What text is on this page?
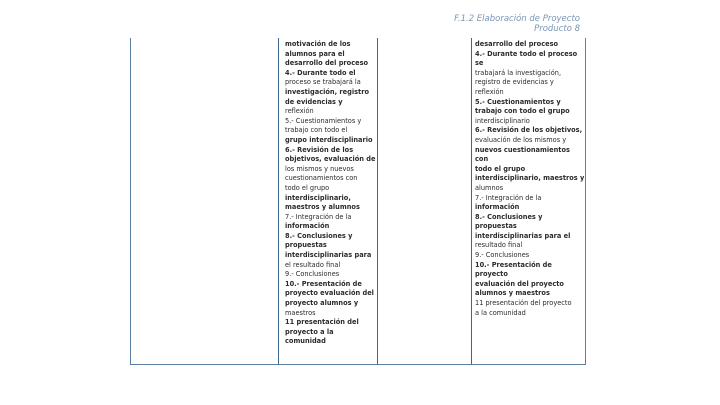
F.1.2 Elaboración de Proyecto
Producto 8

motivación de los

alumnos para el

desarrollo del proceso

4.- Durante todo el

proceso se trabajará la

investigación, registro

de evidencias y

reflexión

5.- Cuestionamientos y

trabajo con todo el

grupo interdisciplinario

6.- Revisión de los

objetivos, evaluación de

los mismos y nuevos

cuestionamientos con

todo el grupo

interdisciplinario,

maestros y alumnos

7.- Integración de la

información

8.- Conclusiones y

propuestas

interdisciplinarias para

el resultado final

9.- Conclusiones

10.- Presentación de

proyecto evaluación del

proyecto alumnos y

maestros

11 presentación del

proyecto a la

comunidad

desarrollo del proceso

4.- Durante todo el proceso se

trabajará la investigación,

registro de evidencias y

reflexión

5.- Cuestionamientos y

trabajo con todo el grupo

interdisciplinario

6.- Revisión de los objetivos,

evaluación de los mismos y

nuevos cuestionamientos con

todo el grupo

interdisciplinario, maestros y

alumnos

7.- Integración de la

información

8.- Conclusiones y propuestas

interdisciplinarias para el

resultado final

9.- Conclusiones

10.- Presentación de proyecto

evaluación del proyecto

alumnos y maestros

11 presentación del proyecto

a la comunidad
